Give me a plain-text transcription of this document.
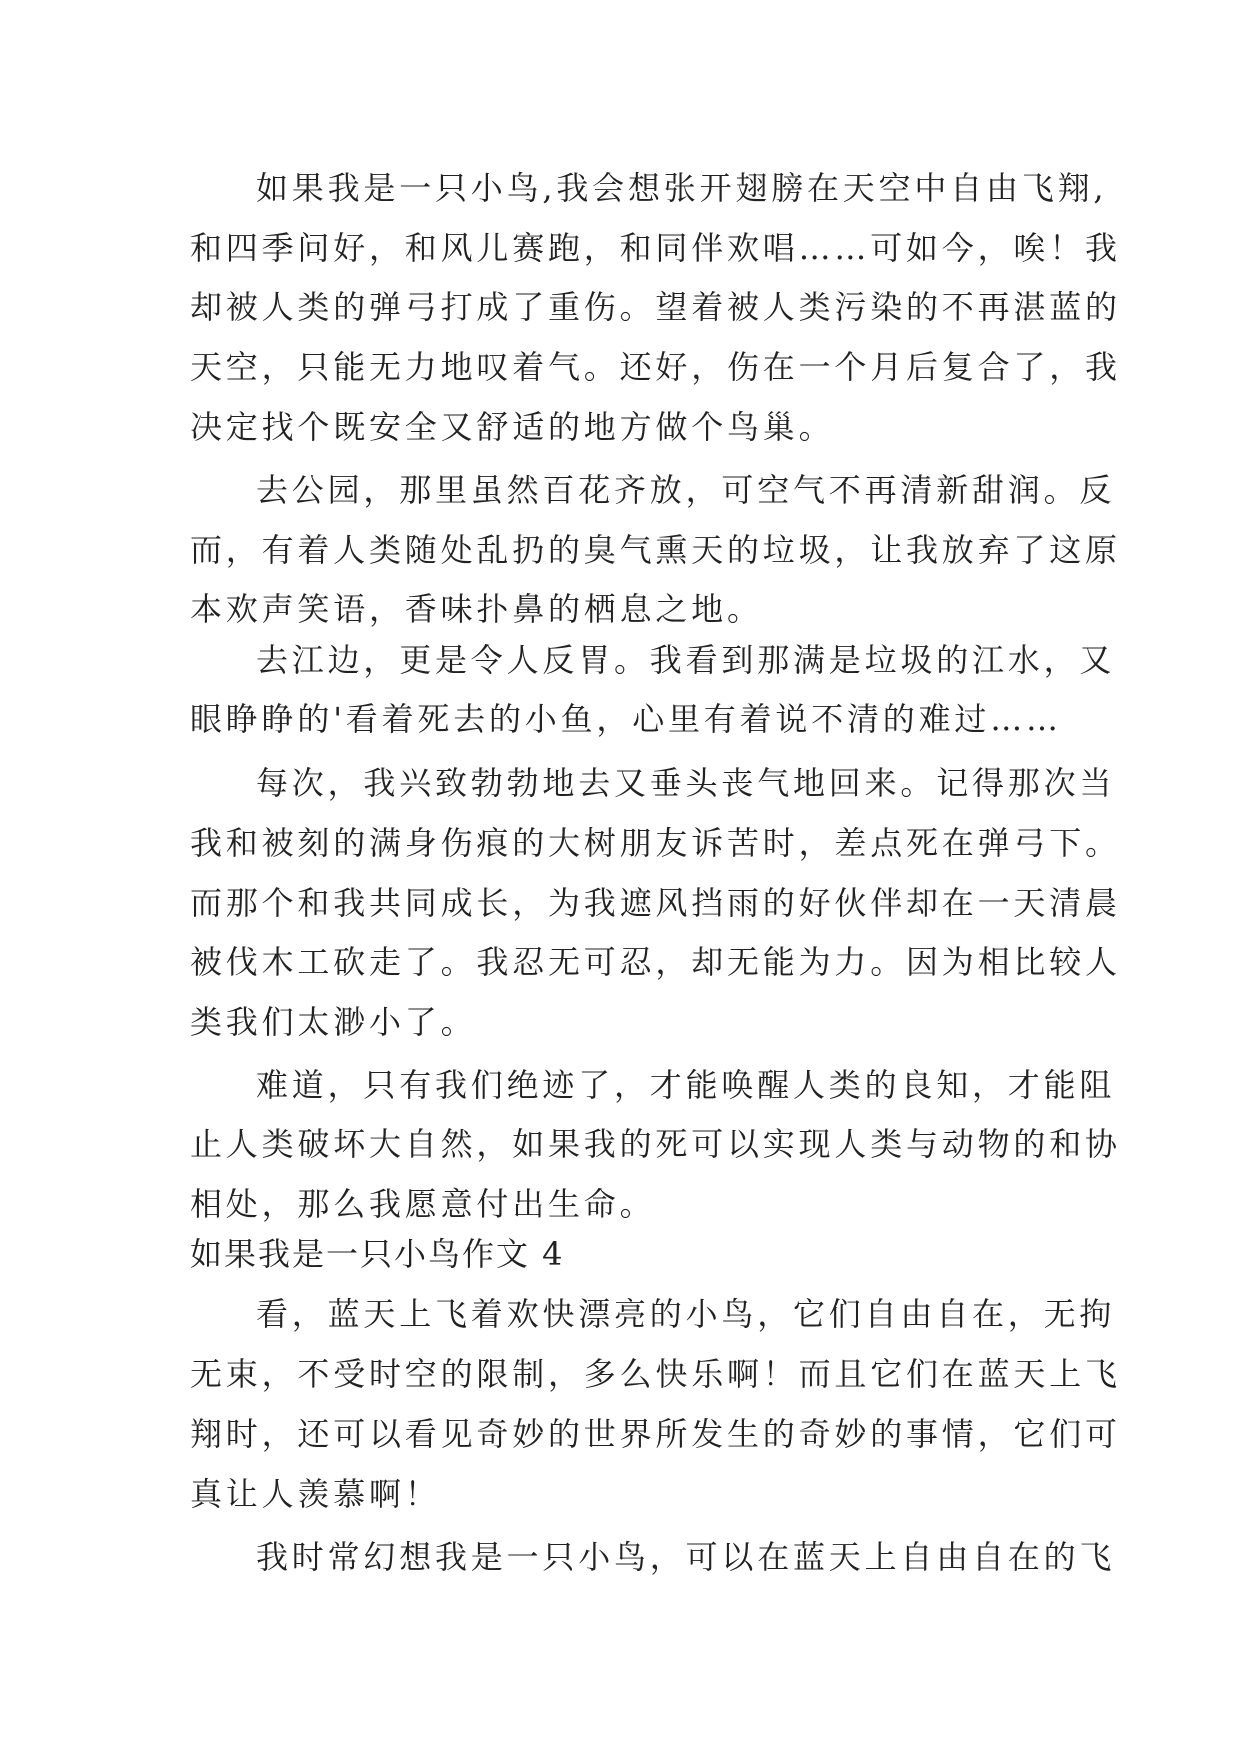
如果我是一只小鸟,我会想张开翅膀在天空中自由飞翔,

和四季问好，和风儿赛跑，和同伴欢唱……可如今，唉！我

却被人类的弹弓打成了重伤。望着被人类污染的不再湛蓝的

天空，只能无力地叹着气。还好，伤在一个月后复合了，我

决定找个既安全又舒适的地方做个鸟巢。

去公园，那里虽然百花齐放，可空气不再清新甜润。反

而，有着人类随处乱扔的臭气熏天的垃圾，让我放弃了这原

本欢声笑语，香味扑鼻的栖息之地。

去江边，更是令人反胃。我看到那满是垃圾的江水，又

眼睁睁的'看着死去的小鱼，心里有着说不清的难过……

每次，我兴致勃勃地去又垂头丧气地回来。记得那次当

我和被刻的满身伤痕的大树朋友诉苦时，差点死在弹弓下。

而那个和我共同成长，为我遮风挡雨的好伙伴却在一天清晨

被伐木工砍走了。我忍无可忍，却无能为力。因为相比较人

类我们太渺小了。

难道，只有我们绝迹了，才能唤醒人类的良知，才能阻

止人类破坏大自然，如果我的死可以实现人类与动物的和协

相处，那么我愿意付出生命。

如果我是一只小鸟作文 4

看，蓝天上飞着欢快漂亮的小鸟，它们自由自在，无拘

无束，不受时空的限制，多么快乐啊！而且它们在蓝天上飞

翔时，还可以看见奇妙的世界所发生的奇妙的事情，它们可

真让人羡慕啊！

我时常幻想我是一只小鸟，可以在蓝天上自由自在的飞
